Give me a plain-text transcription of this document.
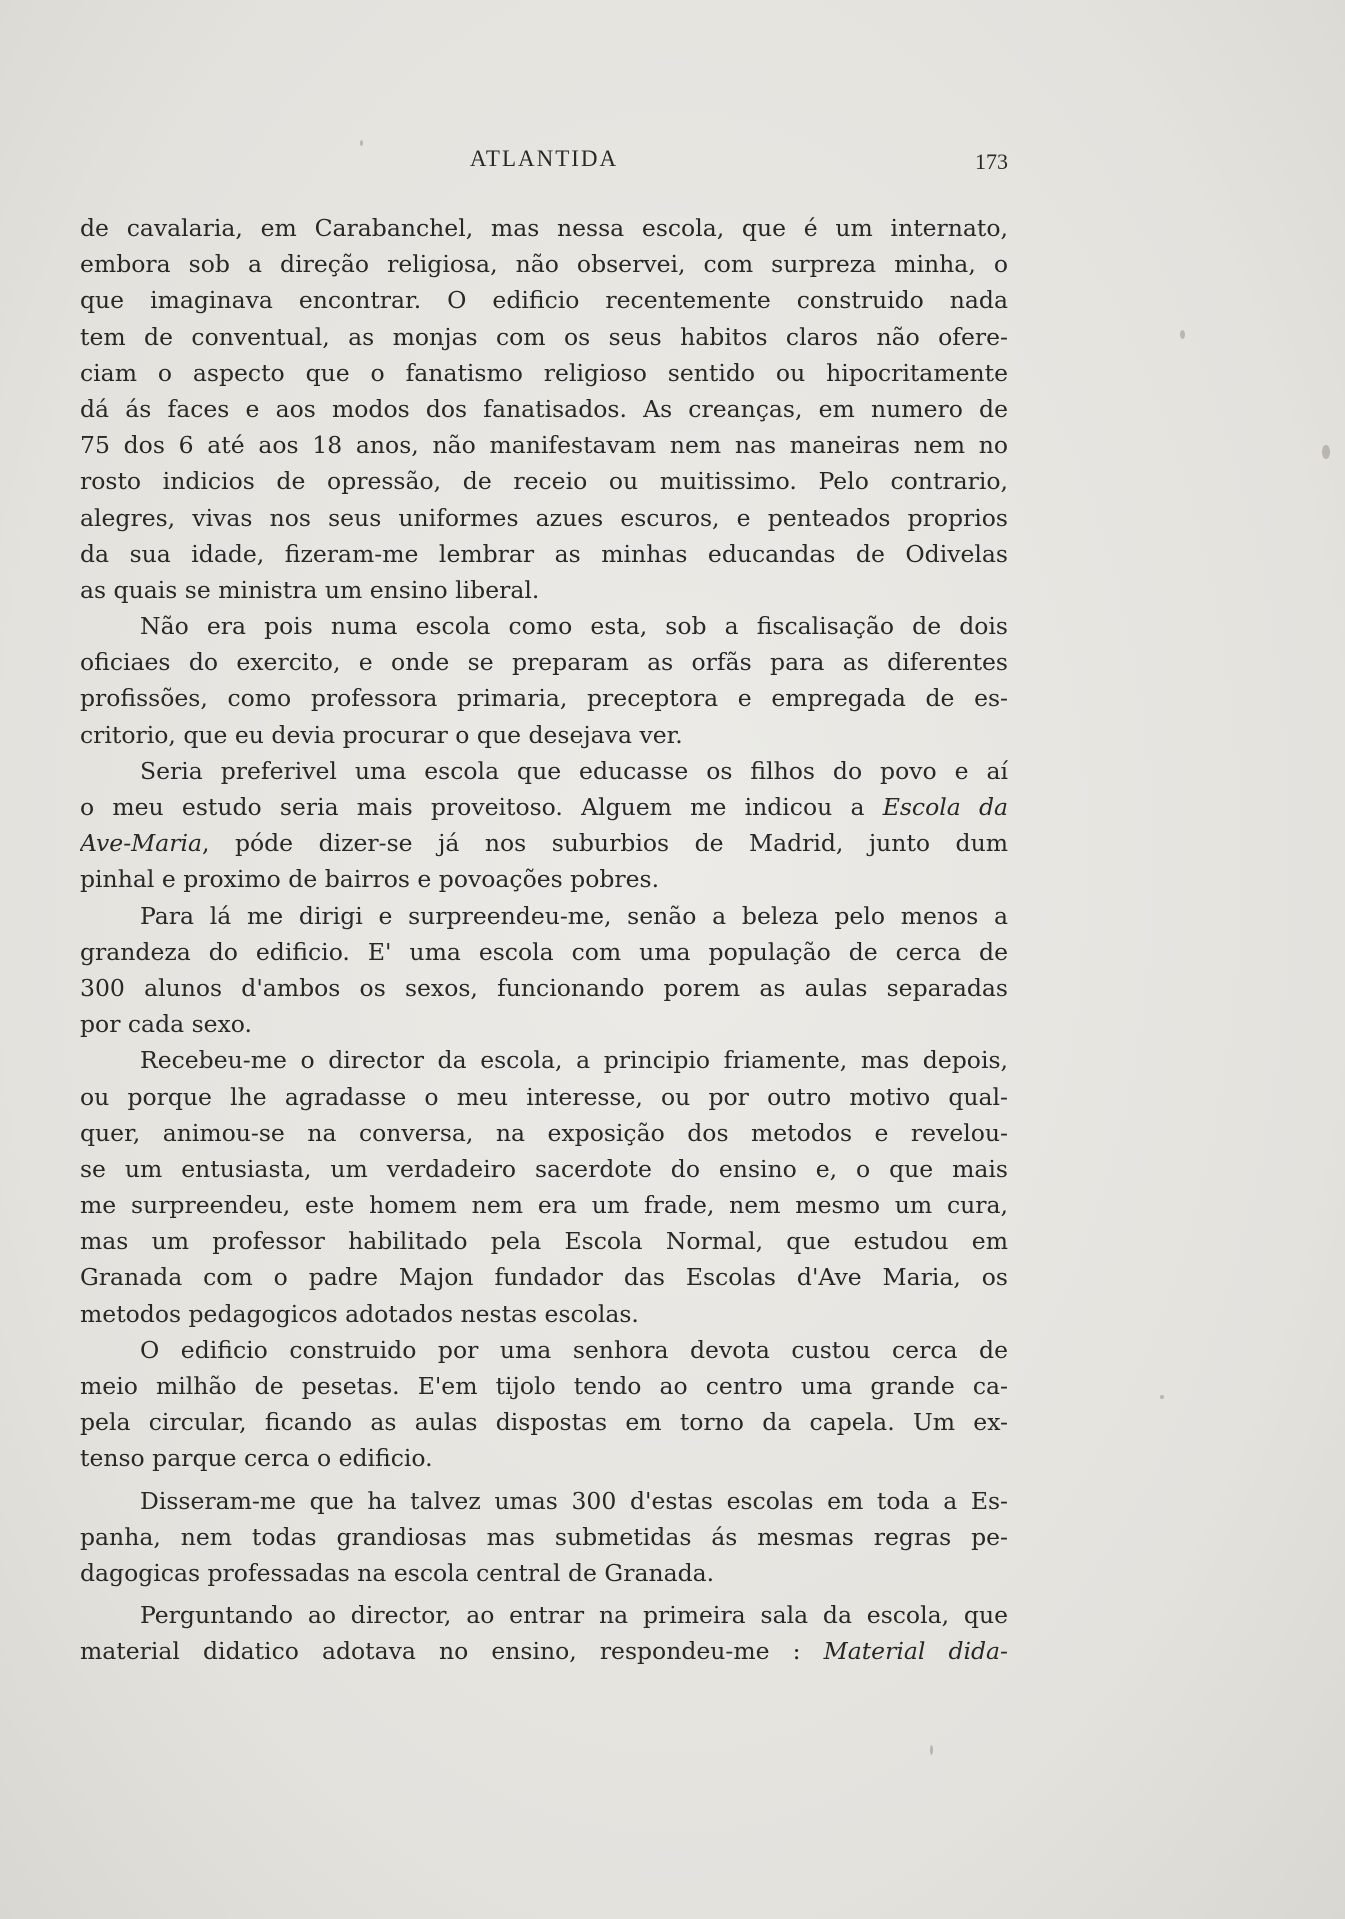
ATLANTIDA	173
de cavalaria, em Carabanchel, mas nessa escola, que é um internato,
embora sob a direção religiosa, não observei, com surpreza minha, o
que imaginava encontrar. O edificio recentemente construido nada
tem de conventual, as monjas com os seus habitos claros não ofere-
ciam o aspecto que o fanatismo religioso sentido ou hipocritamente
dá ás faces e aos modos dos fanatisados. As creanças, em numero de
75 dos 6 até aos 18 anos, não manifestavam nem nas maneiras nem no
rosto indicios de opressão, de receio ou muitissimo. Pelo contrario,
alegres, vivas nos seus uniformes azues escuros, e penteados proprios
da sua idade, fizeram-me lembrar as minhas educandas de Odivelas
as quais se ministra um ensino liberal.
Não era pois numa escola como esta, sob a fiscalisação de dois
oficiaes do exercito, e onde se preparam as orfãs para as diferentes
profissões, como professora primaria, preceptora e empregada de es-
critorio, que eu devia procurar o que desejava ver.
Seria preferivel uma escola que educasse os filhos do povo e aí
o meu estudo seria mais proveitoso. Alguem me indicou a Escola da
Ave-Maria, póde dizer-se já nos suburbios de Madrid, junto dum
pinhal e proximo de bairros e povoações pobres.
Para lá me dirigi e surpreendeu-me, senão a beleza pelo menos a
grandeza do edificio. E' uma escola com uma população de cerca de
300 alunos d'ambos os sexos, funcionando porem as aulas separadas
por cada sexo.
Recebeu-me o director da escola, a principio friamente, mas depois,
ou porque lhe agradasse o meu interesse, ou por outro motivo qual-
quer, animou-se na conversa, na exposição dos metodos e revelou-
se um entusiasta, um verdadeiro sacerdote do ensino e, o que mais
me surpreendeu, este homem nem era um frade, nem mesmo um cura,
mas um professor habilitado pela Escola Normal, que estudou em
Granada com o padre Majon fundador das Escolas d'Ave Maria, os
metodos pedagogicos adotados nestas escolas.
O edificio construido por uma senhora devota custou cerca de
meio milhão de pesetas. E'em tijolo tendo ao centro uma grande ca-
pela circular, ficando as aulas dispostas em torno da capela. Um ex-
tenso parque cerca o edificio.
Disseram-me que ha talvez umas 300 d'estas escolas em toda a Es-
panha, nem todas grandiosas mas submetidas ás mesmas regras pe-
dagogicas professadas na escola central de Granada.
Perguntando ao director, ao entrar na primeira sala da escola, que
material didatico adotava no ensino, respondeu-me : Material dida-
